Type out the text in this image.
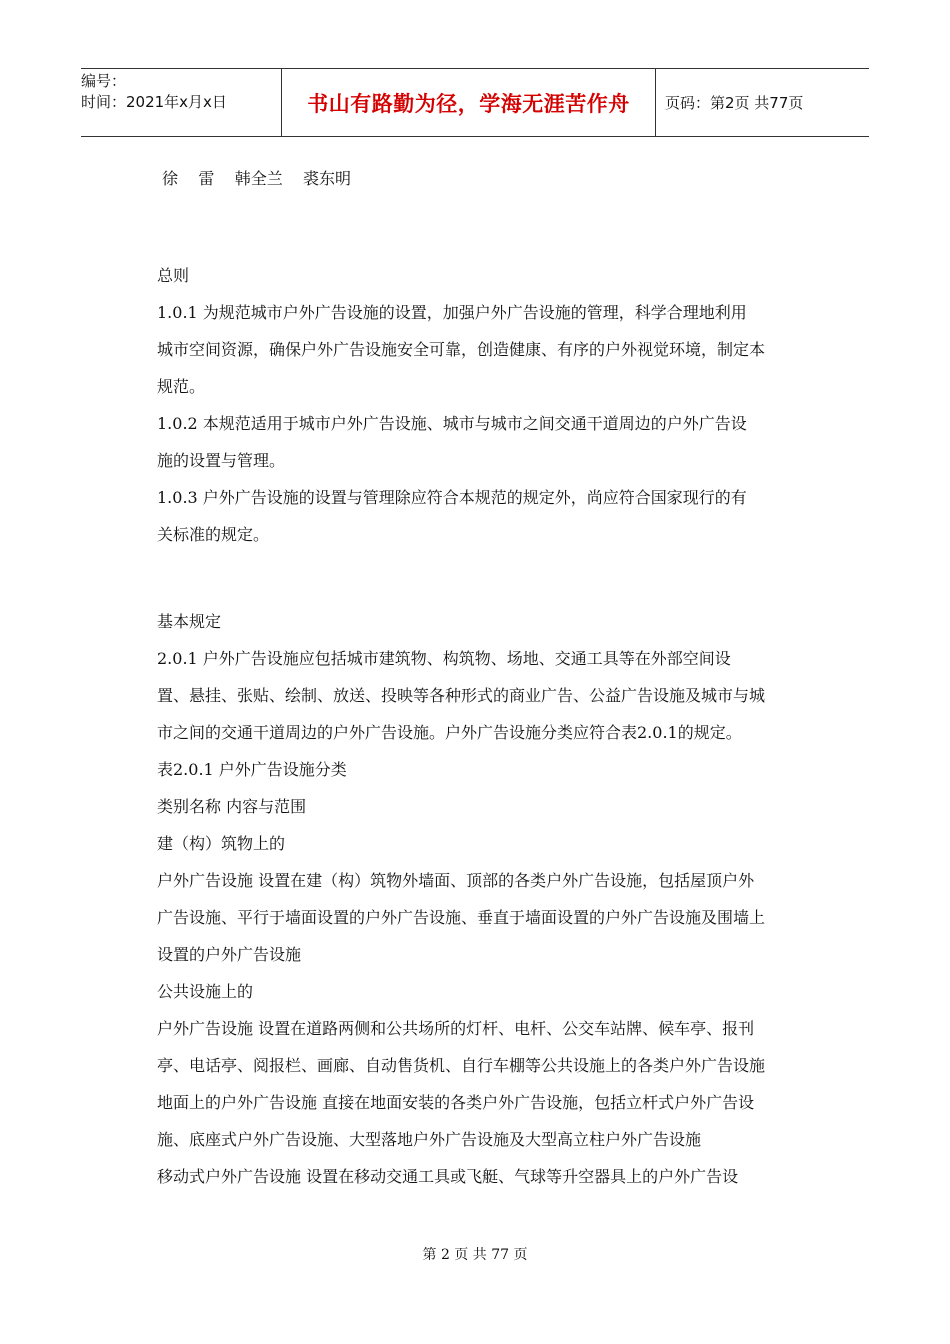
编号：
时间：2021年x月x日	书山有路勤为径，学海无涯苦作舟 页码：第2页 共77页
徐    雷    韩全兰    裘东明

总则

1.0.1 为规范城市户外广告设施的设置，加强户外广告设施的管理，科学合理地利用

城市空间资源，确保户外广告设施安全可靠，创造健康、有序的户外视觉环境，制定本

规范。

1.0.2 本规范适用于城市户外广告设施、城市与城市之间交通干道周边的户外广告设

施的设置与管理。

1.0.3 户外广告设施的设置与管理除应符合本规范的规定外，尚应符合国家现行的有

关标准的规定。

基本规定

2.0.1 户外广告设施应包括城市建筑物、构筑物、场地、交通工具等在外部空间设

置、悬挂、张贴、绘制、放送、投映等各种形式的商业广告、公益广告设施及城市与城

市之间的交通干道周边的户外广告设施。户外广告设施分类应符合表2.0.1的规定。

表2.0.1 户外广告设施分类

类别名称 内容与范围

建（构）筑物上的

户外广告设施 设置在建（构）筑物外墙面、顶部的各类户外广告设施，包括屋顶户外

广告设施、平行于墙面设置的户外广告设施、垂直于墙面设置的户外广告设施及围墙上

设置的户外广告设施

公共设施上的

户外广告设施 设置在道路两侧和公共场所的灯杆、电杆、公交车站牌、候车亭、报刊

亭、电话亭、阅报栏、画廊、自动售货机、自行车棚等公共设施上的各类户外广告设施

地面上的户外广告设施 直接在地面安装的各类户外广告设施，包括立杆式户外广告设

施、底座式户外广告设施、大型落地户外广告设施及大型高立柱户外广告设施

移动式户外广告设施 设置在移动交通工具或飞艇、气球等升空器具上的户外广告设

第 2 页 共 77 页
